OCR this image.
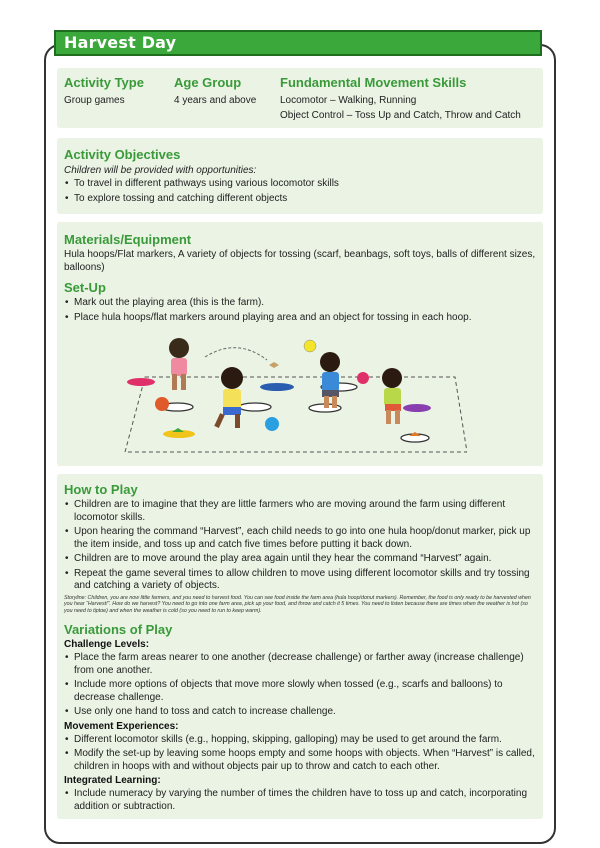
Harvest Day
Activity Type
Group games
Age Group
4 years and above
Fundamental Movement Skills
Locomotor – Walking, Running
Object Control – Toss Up and Catch, Throw and Catch
Activity Objectives
Children will be provided with opportunities:
• To travel in different pathways using various locomotor skills
• To explore tossing and catching different objects
Materials/Equipment
Hula hoops/Flat markers, A variety of objects for tossing (scarf, beanbags, soft toys, balls of different sizes, balloons)
Set-Up
• Mark out the playing area (this is the farm).
• Place hula hoops/flat markers around playing area and an object for tossing in each hoop.
How to Play
• Children are to imagine that they are little farmers who are moving around the farm using different locomotor skills.
• Upon hearing the command “Harvest”, each child needs to go into one hula hoop/donut marker, pick up the item inside, and toss up and catch five times before putting it back down.
• Children are to move around the play area again until they hear the command “Harvest” again.
• Repeat the game several times to allow children to move using different locomotor skills and try tossing and catching a variety of objects.
Storyline: Children, you are now little farmers, and you need to harvest food. You can see food inside the farm area (hula hoop/donut markers). Remember, the food is only ready to be harvested when you hear “Harvest!”. How do we harvest? You need to go into one farm area, pick up your food, and throw and catch it 5 times. You need to listen because there are times when the weather is hot (so you need to tiptoe) and when the weather is cold (so you need to run to keep warm).
Variations of Play
Challenge Levels:
• Place the farm areas nearer to one another (decrease challenge) or farther away (increase challenge) from one another.
• Include more options of objects that move more slowly when tossed (e.g., scarfs and balloons) to decrease challenge.
• Use only one hand to toss and catch to increase challenge.
Movement Experiences:
• Different locomotor skills (e.g., hopping, skipping, galloping) may be used to get around the farm.
• Modify the set-up by leaving some hoops empty and some hoops with objects. When “Harvest” is called, children in hoops with and without objects pair up to throw and catch to each other.
Integrated Learning:
• Include numeracy by varying the number of times the children have to toss up and catch, incorporating addition or subtraction.
